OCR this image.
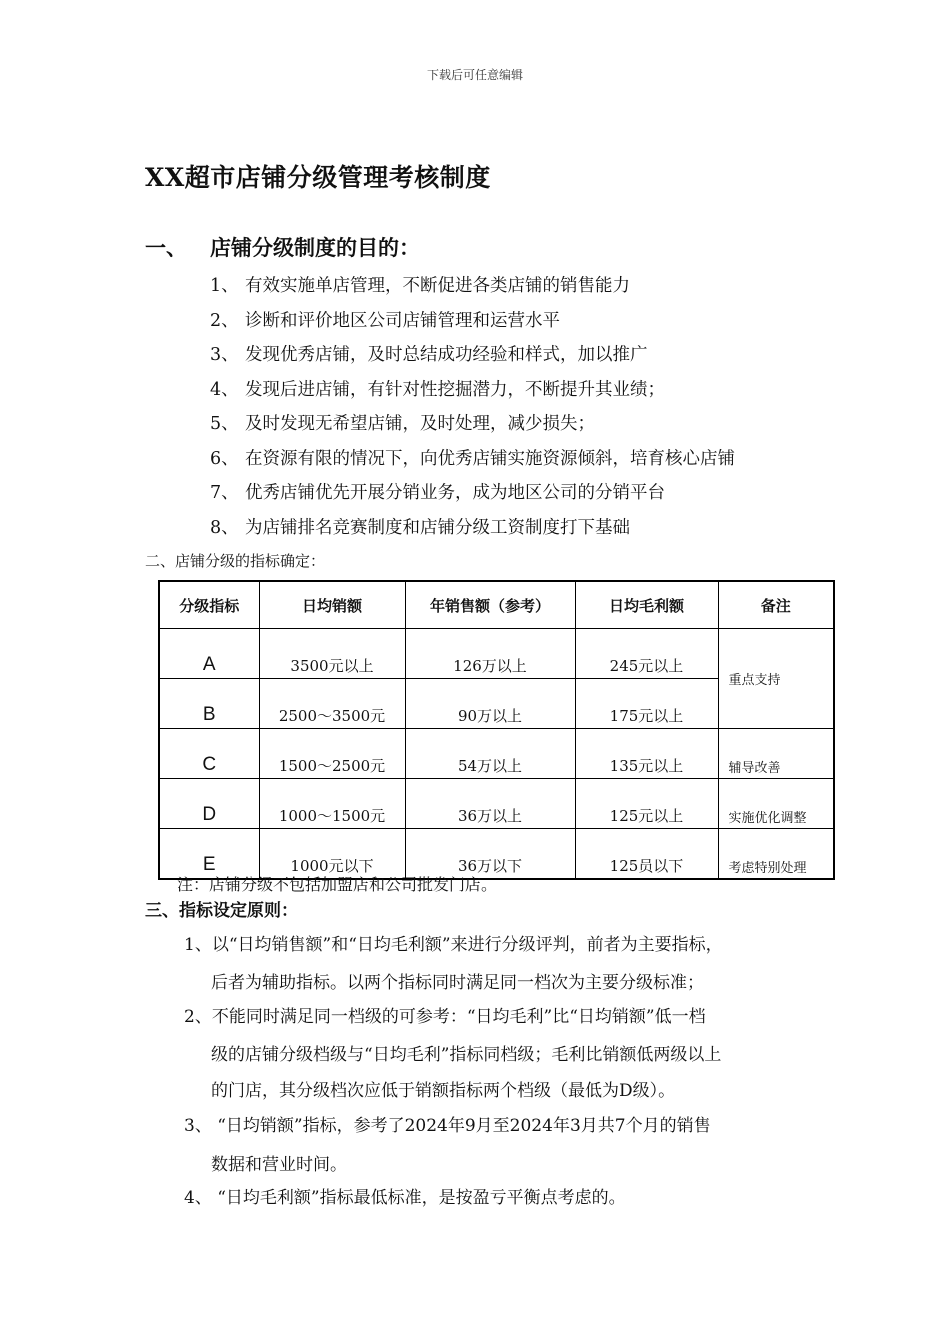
下载后可任意编辑
XX超市店铺分级管理考核制度
一、 店铺分级制度的目的：
1、 有效实施单店管理，不断促进各类店铺的销售能力
2、 诊断和评价地区公司店铺管理和运营水平
3、 发现优秀店铺，及时总结成功经验和样式，加以推广
4、 发现后进店铺，有针对性挖掘潜力，不断提升其业绩；
5、 及时发现无希望店铺，及时处理，减少损失；
6、 在资源有限的情况下，向优秀店铺实施资源倾斜，培育核心店铺
7、 优秀店铺优先开展分销业务，成为地区公司的分销平台
8、 为店铺排名竞赛制度和店铺分级工资制度打下基础
二、店铺分级的指标确定：
分级指标	日均销额	年销售额（参考）	日均毛利额	备注
A	3500元以上	126万以上	245元以上	重点支持
B	2500～3500元	90万以上	175元以上	
C	1500～2500元	54万以上	135元以上	辅导改善
D	1000～1500元	36万以上	125元以上	实施优化调整
E	1000元以下	36万以下	125员以下	考虑特别处理
注：店铺分级不包括加盟店和公司批发门店。
三、指标设定原则：
1、以“日均销售额”和“日均毛利额”来进行分级评判，前者为主要指标，
后者为辅助指标。以两个指标同时满足同一档次为主要分级标准；
2、不能同时满足同一档级的可参考：“日均毛利”比“日均销额”低一档
级的店铺分级档级与“日均毛利”指标同档级；毛利比销额低两级以上
的门店，其分级档次应低于销额指标两个档级（最低为D级）。
3、 “日均销额”指标，参考了2024年9月至2024年3月共7个月的销售
数据和营业时间。
4、 “日均毛利额”指标最低标准，是按盈亏平衡点考虑的。
